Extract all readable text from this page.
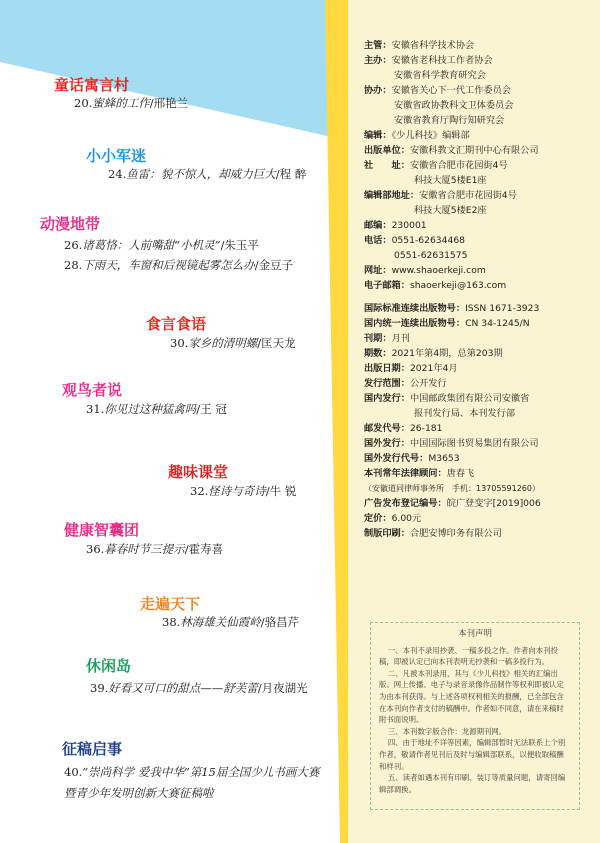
童话寓言村
20.蜜蜂的工作/邢艳兰
小小军迷
24.鱼雷：貌不惊人，却威力巨大/程 醉
动漫地带
26.诸葛恪：人前嘴甜“小机灵”/朱玉平
28.下雨天，车窗和后视镜起雾怎么办/金豆子
食言食语
30.家乡的清明螺/匡天龙
观鸟者说
31.你见过这种猛禽吗/王 冠
趣味课堂
32.怪诗与奇诗/牛 锐
健康智囊团
36.暮春时节三提示/霍寿喜
走遍天下
38.林海雄关仙霞岭/骆昌芹
休闲岛
39.好看又可口的甜点——舒芙蕾/月夜湖光
征稿启事
40.“崇尚科学 爱我中华”第15届全国少儿书画大赛暨青少年发明创新大赛征稿啦
主管：安徽省科学技术协会
主办：安徽省老科技工作者协会
安徽省科学教育研究会
协办：安徽省关心下一代工作委员会
安徽省政协教科文卫体委员会
安徽省教育厅陶行知研究会
编辑：《少儿科技》编辑部
出版单位：安徽科教文汇期刊中心有限公司
社　　址：安徽省合肥市花园街4号
科技大厦5楼E1座
编辑部地址：安徽省合肥市花园街4号
科技大厦5楼E2座
邮编：230001
电话：0551-62634468
0551-62631575
网址：www.shaoerkeji.com
电子邮箱：shaoerkeji@163.com
国际标准连续出版物号：ISSN 1671-3923
国内统一连续出版物号：CN 34-1245/N
刊期：月刊
期数：2021年第4期，总第203期
出版日期：2021年4月
发行范围：公开发行
国内发行：中国邮政集团有限公司安徽省
报刊发行局、本刊发行部
邮发代号：26-181
国外发行：中国国际图书贸易集团有限公司
国外发行代号：M3653
本刊常年法律顾问：唐春飞
（安徽道同律师事务所　手机：13705591260）
广告发布登记编号：皖广登变字[2019]006
定价：6.00元
制版印刷：合肥安博印务有限公司
本刊声明

一、本刊不录用抄袭、一稿多投之作。作者向本刊投稿，即被认定已向本刊表明无抄袭和一稿多投行为。

二、凡被本刊录用，其与《少儿科技》相关的汇编出版、网上传播、电子与录音录像作品制作等权利即被认定为由本刊获得。与上述各项权利相关的报酬，已全部包含在本刊向作者支付的稿酬中。作者如不同意，请在来稿时附书面说明。

三、本刊数字版合作：龙源期刊网。

四、由于地址不详等因素，编辑部暂时无法联系上个别作者，敬请作者见刊后及时与编辑部联系，以便收取稿酬和样刊。

五、读者如遇本刊有印刷、装订等质量问题，请寄回编辑部调换。
